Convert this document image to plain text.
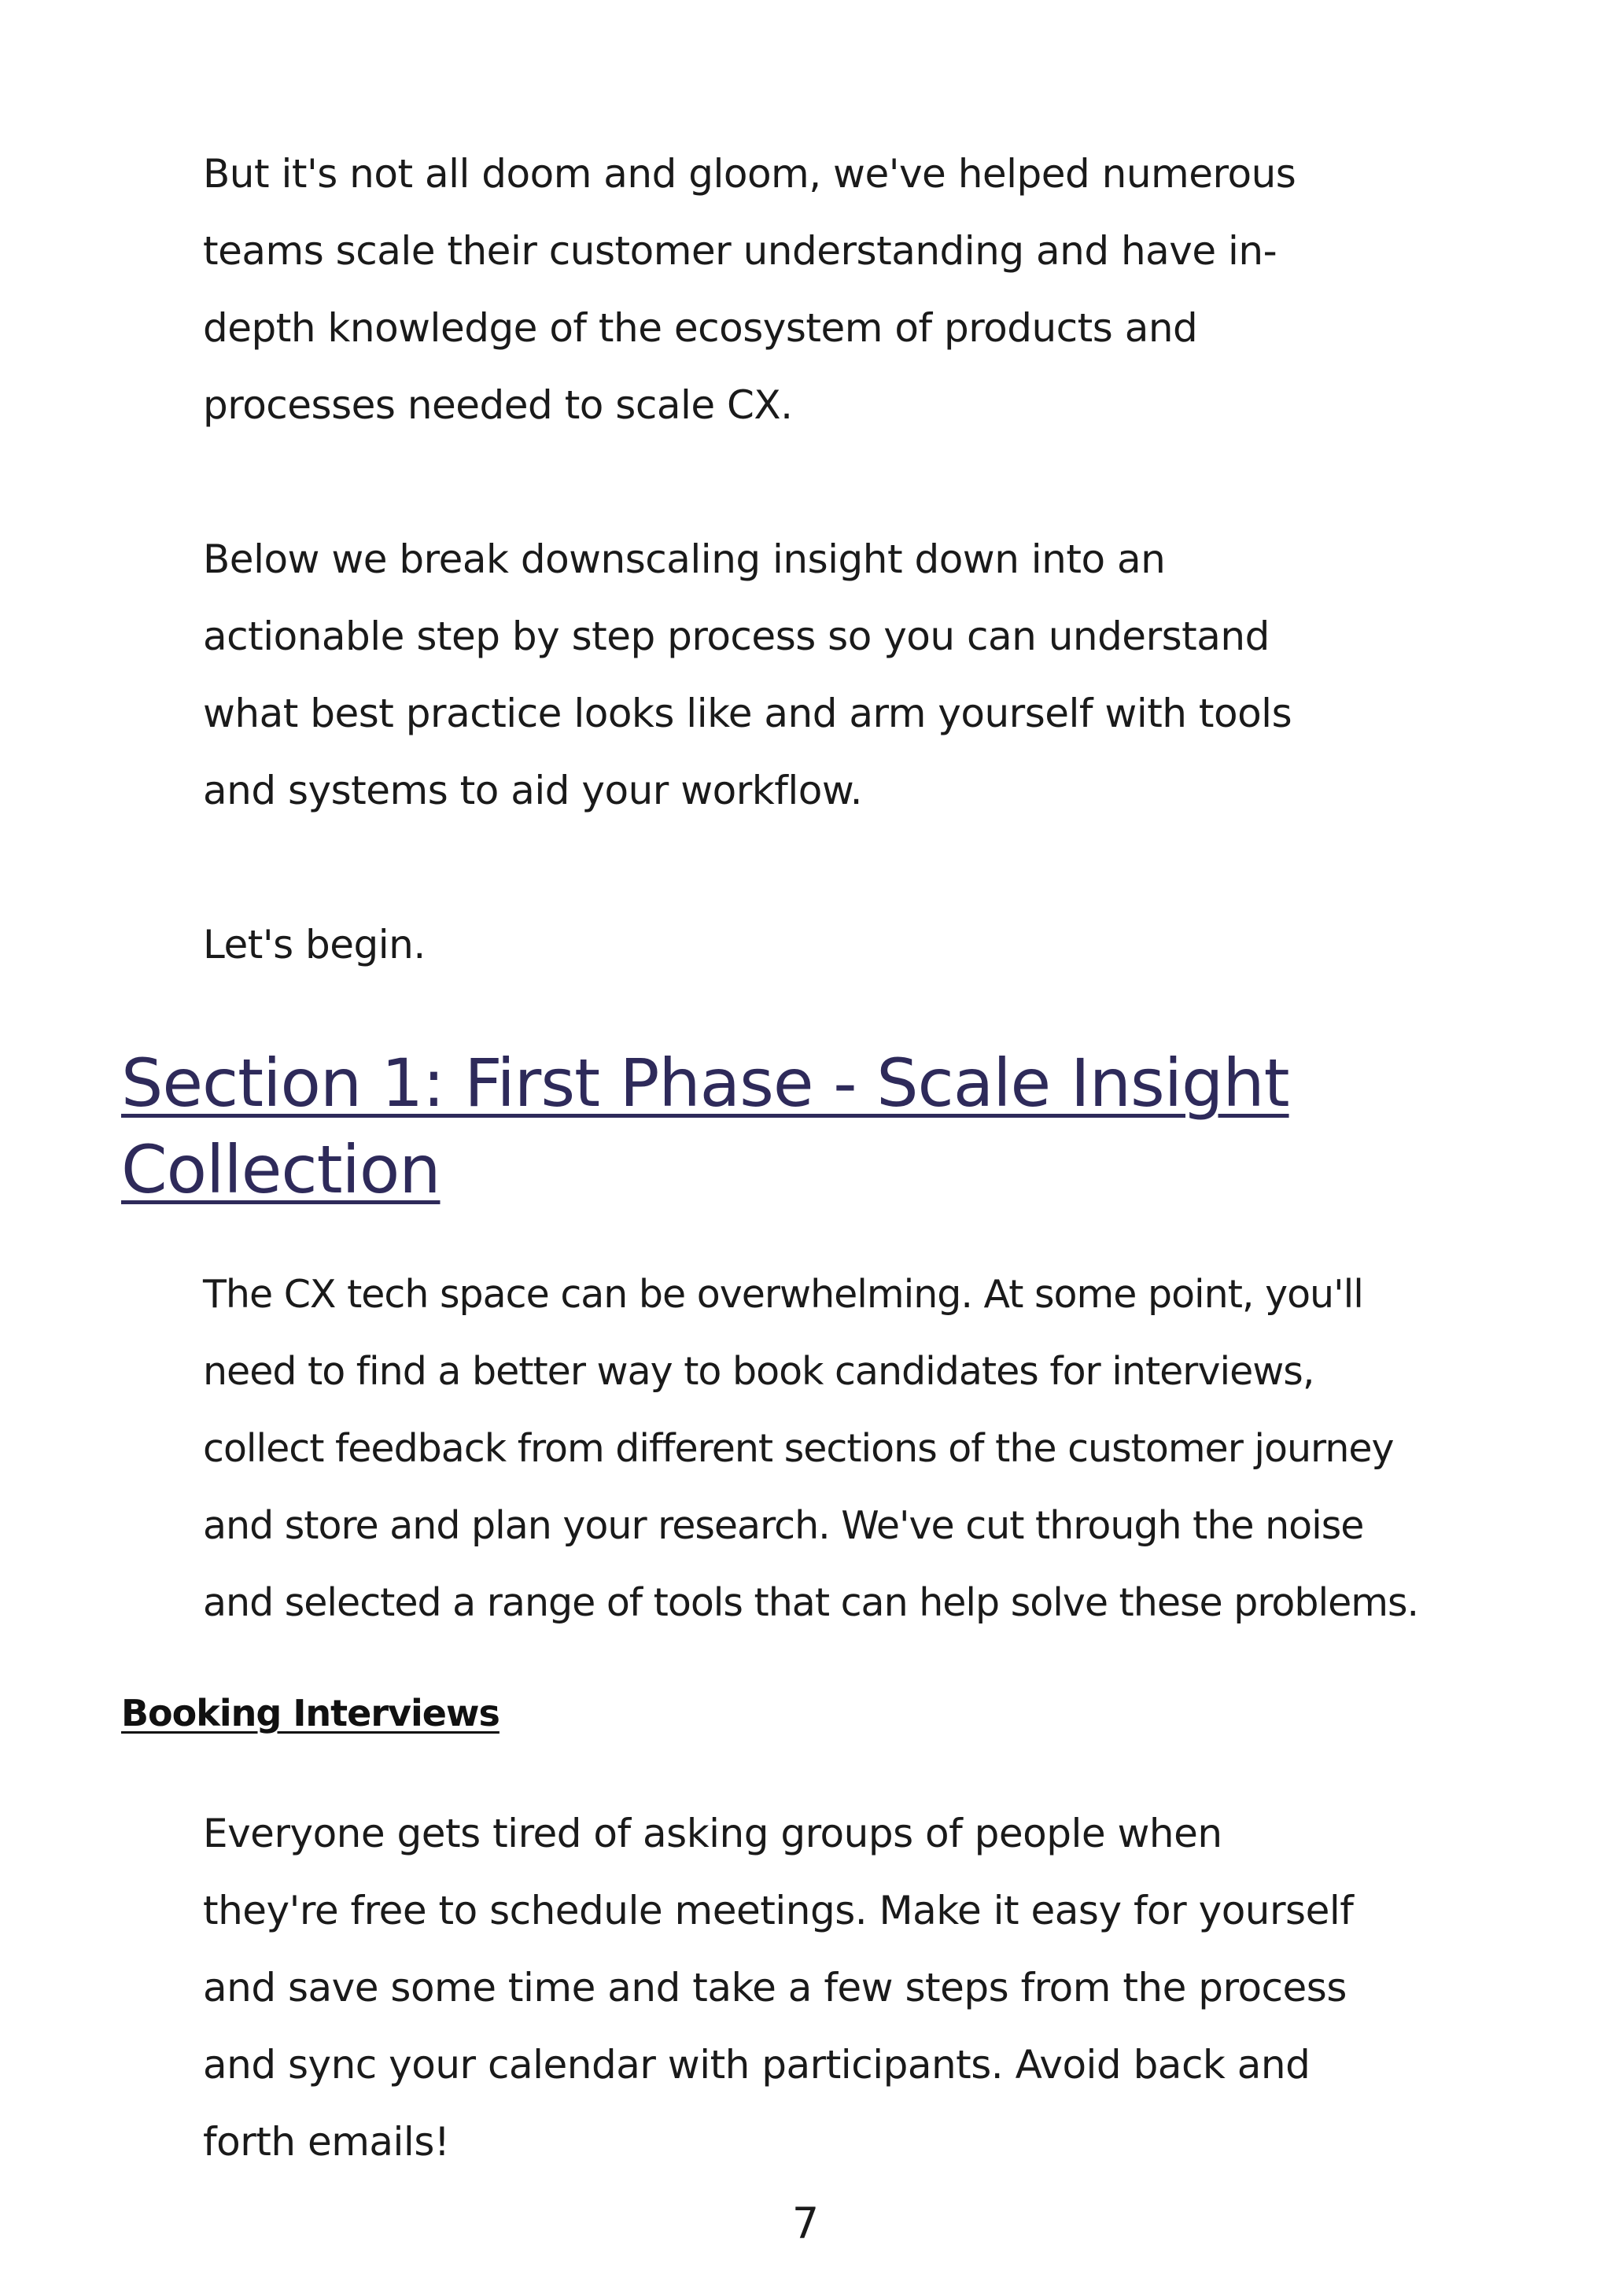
But it's not all doom and gloom, we've helped numerous
teams scale their customer understanding and have in-
depth knowledge of the ecosystem of products and
processes needed to scale CX.

Below we break downscaling insight down into an
actionable step by step process so you can understand
what best practice looks like and arm yourself with tools
and systems to aid your workflow.

Let's begin.

Section 1: First Phase - Scale Insight
Collection

The CX tech space can be overwhelming. At some point, you'll
need to find a better way to book candidates for interviews,
collect feedback from different sections of the customer journey
and store and plan your research. We've cut through the noise
and selected a range of tools that can help solve these problems.

Booking Interviews

Everyone gets tired of asking groups of people when
they're free to schedule meetings. Make it easy for yourself
and save some time and take a few steps from the process
and sync your calendar with participants. Avoid back and
forth emails!

7
